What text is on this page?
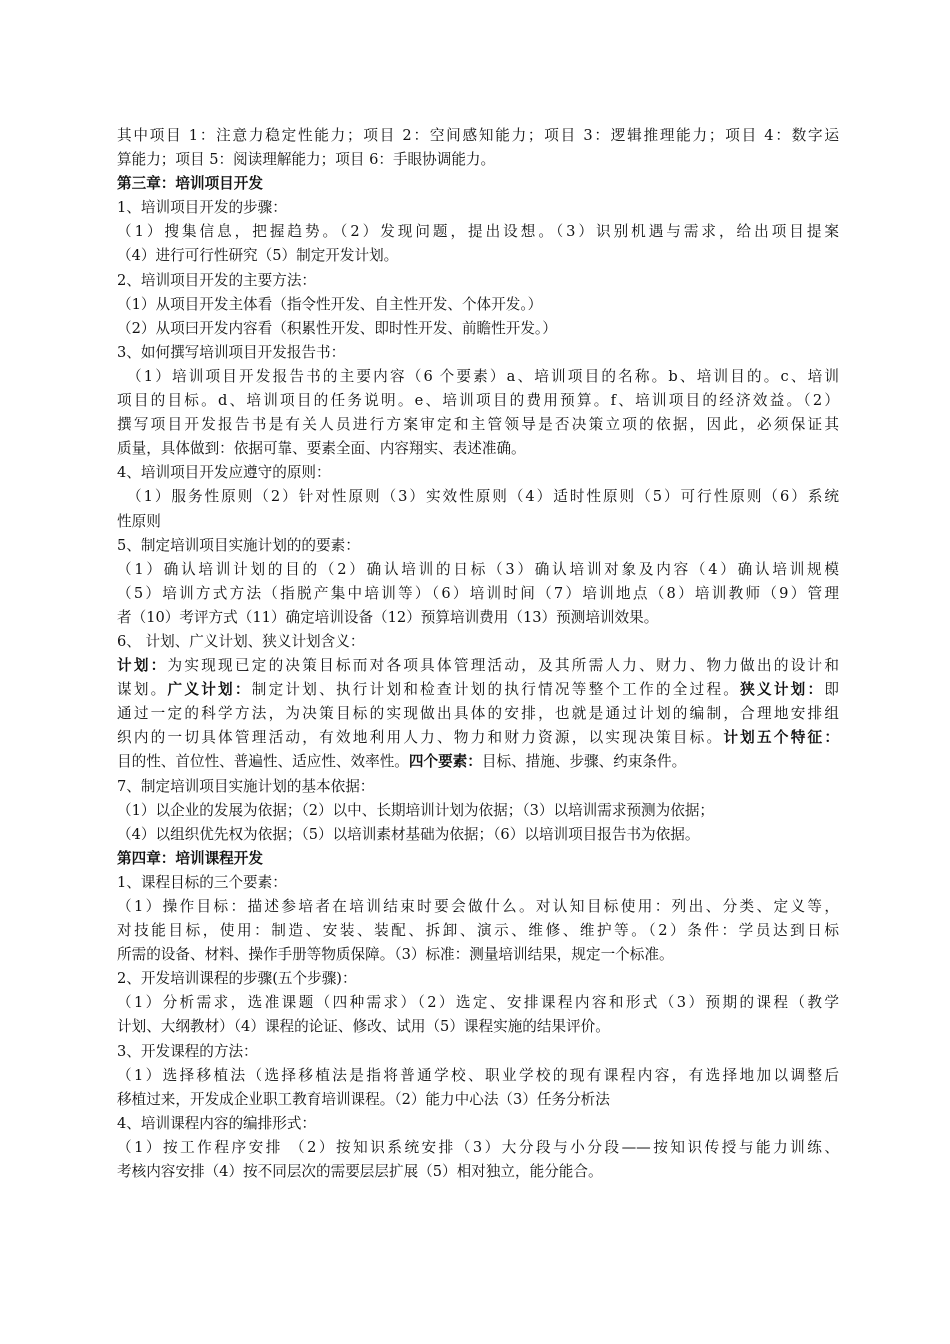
其中项目 1：注意力稳定性能力；项目 2：空间感知能力；项目 3：逻辑推理能力；项目 4：数字运

算能力；项目 5：阅读理解能力；项目 6：手眼协调能力。

第三章：培训项目开发

1、培训项目开发的步骤：

（1）搜集信息，把握趋势。（2）发现问题，提出设想。（3）识别机遇与需求，给出项目提案

（4）进行可行性研究（5）制定开发计划。

2、培训项目开发的主要方法：

（1）从项目开发主体看（指令性开发、自主性开发、个体开发。）

（2）从项曰开发内容看（积累性开发、即时性开发、前瞻性开发。）

3、如何撰写培训项目开发报告书：

（1）培训项目开发报告书的主要内容（6 个要素）a、培训项目的名称。b、培训目的。c、培训

项目的目标。d、培训项目的任务说明。e、培训项目的费用预算。f、培训项目的经济效益。（2）

撰写项目开发报告书是有关人员进行方案审定和主管领导是否决策立项的依据，因此，必须保证其

质量，具体做到：依据可靠、要素全面、内容翔实、表述准确。

4、培训项目开发应遵守的原则：

（1）服务性原则（2）针对性原则（3）实效性原则（4）适时性原则（5）可行性原则（6）系统

性原则

5、制定培训项目实施计划的的要素：

（1）确认培训计划的目的（2）确认培训的日标（3）确认培训对象及内容（4）确认培训规模

（5）培训方式方法（指脱产集中培训等）（6）培训时间（7）培训地点（8）培训教师（9）管理

者（10）考评方式（11）确定培训设备（12）预算培训费用（13）预测培训效果。

6、 计划、广义计划、狭义计划含义：

计划：为实现现已定的决策目标而对各项具体管理活动，及其所需人力、财力、物力做出的设计和

谋划。广义计划：制定计划、执行计划和检查计划的执行情况等整个工作的全过程。狭义计划：即

通过一定的科学方法，为决策目标的实现做出具体的安排，也就是通过计划的编制，合理地安排组

织内的一切具体管理活动，有效地利用人力、物力和财力资源，以实现决策目标。计划五个特征：

目的性、首位性、普遍性、适应性、效率性。四个要素：目标、措施、步骤、约束条件。

7、制定培训项目实施计划的基本依据：

（1）以企业的发展为依据；（2）以中、长期培训计划为依据；（3）以培训需求预测为依据；

（4）以组织优先权为依据；（5）以培训素材基础为依据；（6）以培训项目报告书为依据。

第四章：培训课程开发

1、课程目标的三个要素：

（1）操作目标：描述参培者在培训结束时要会做什么。对认知目标使用：列出、分类、定义等，

对技能目标，使用：制造、安装、装配、拆卸、演示、维修、维护等。（2）条件：学员达到日标

所需的设备、材料、操作手册等物质保障。（3）标准：测量培训结果，规定一个标准。

2、开发培训课程的步骤(五个步骤)：

（1）分析需求，选准课题（四种需求）（2）选定、安排课程内容和形式（3）预期的课程（教学

计划、大纲教材）（4）课程的论证、修改、试用（5）课程实施的结果评价。

3、开发课程的方法：

（1）选择移植法（选择移植法是指将普通学校、职业学校的现有课程内容，有选择地加以调整后

移植过来，开发成企业职工教育培训课程。（2）能力中心法（3）任务分析法

4、培训课程内容的编排形式：

（1）按工作程序安排 （2）按知识系统安排（3）大分段与小分段——按知识传授与能力训练、

考核内容安排（4）按不同层次的需要层层扩展（5）相对独立，能分能合。
